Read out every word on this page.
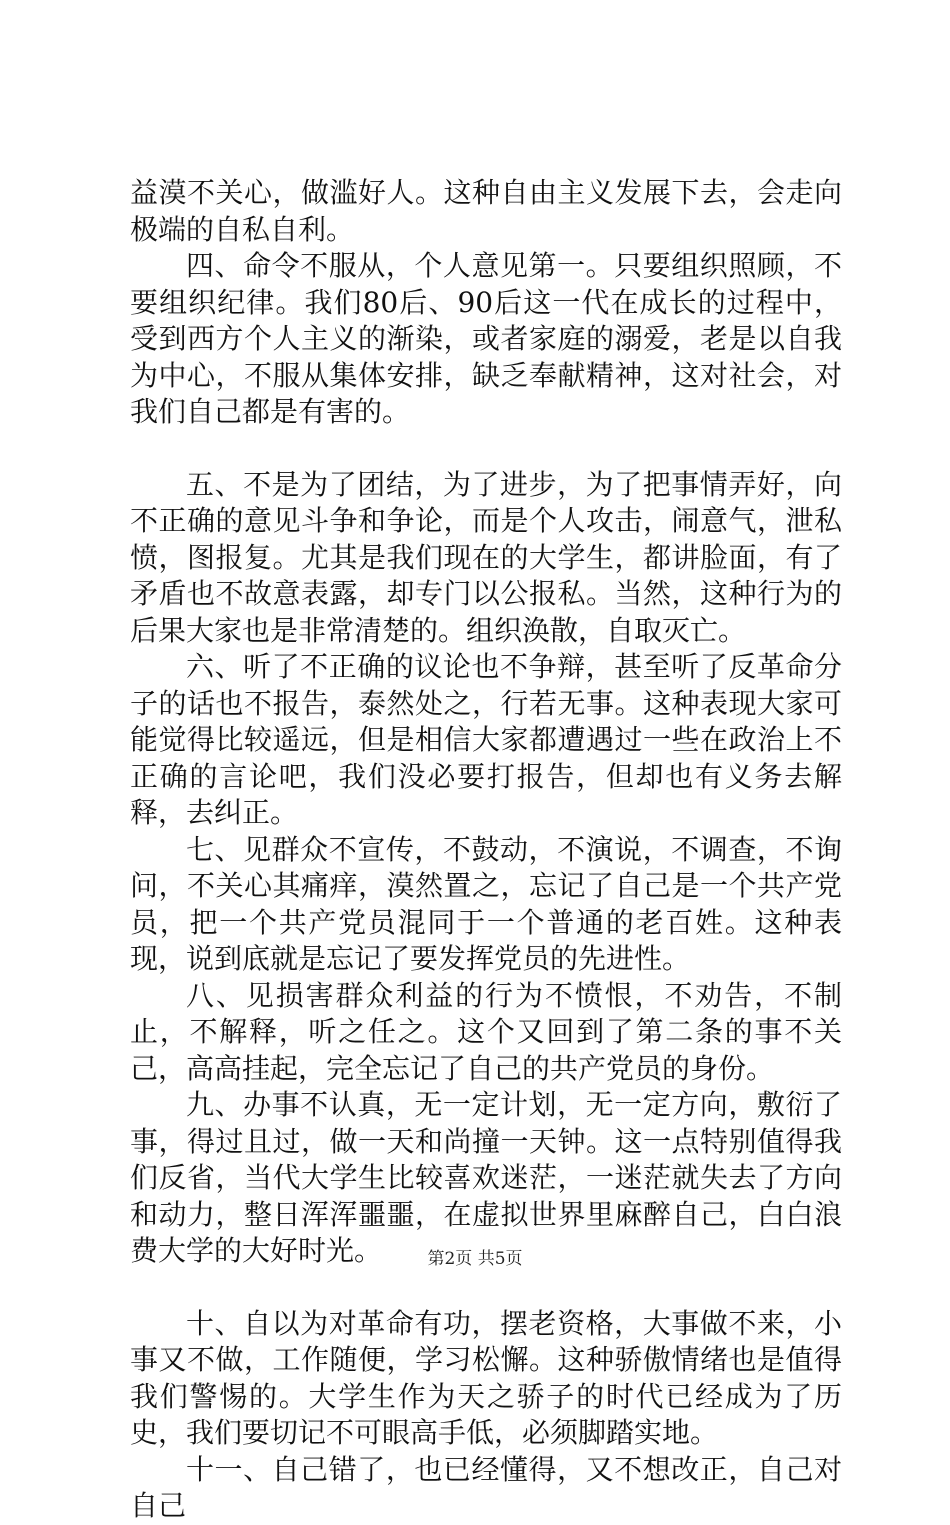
益漠不关心，做滥好人。这种自由主义发展下去，会走向极端的自私自利。

四、命令不服从，个人意见第一。只要组织照顾，不要组织纪律。我们80后、90后这一代在成长的过程中，受到西方个人主义的渐染，或者家庭的溺爱，老是以自我为中心，不服从集体安排，缺乏奉献精神，这对社会，对我们自己都是有害的。

五、不是为了团结，为了进步，为了把事情弄好，向不正确的意见斗争和争论，而是个人攻击，闹意气，泄私愤，图报复。尤其是我们现在的大学生，都讲脸面，有了矛盾也不故意表露，却专门以公报私。当然，这种行为的后果大家也是非常清楚的。组织涣散，自取灭亡。

六、听了不正确的议论也不争辩，甚至听了反革命分子的话也不报告，泰然处之，行若无事。这种表现大家可能觉得比较遥远，但是相信大家都遭遇过一些在政治上不正确的言论吧，我们没必要打报告，但却也有义务去解释，去纠正。

七、见群众不宣传，不鼓动，不演说，不调查，不询问，不关心其痛痒，漠然置之，忘记了自己是一个共产党员，把一个共产党员混同于一个普通的老百姓。这种表现，说到底就是忘记了要发挥党员的先进性。

八、见损害群众利益的行为不愤恨，不劝告，不制止，不解释，听之任之。这个又回到了第二条的事不关己，高高挂起，完全忘记了自己的共产党员的身份。

九、办事不认真，无一定计划，无一定方向，敷衍了事，得过且过，做一天和尚撞一天钟。这一点特别值得我们反省，当代大学生比较喜欢迷茫，一迷茫就失去了方向和动力，整日浑浑噩噩，在虚拟世界里麻醉自己，白白浪费大学的大好时光。

十、自以为对革命有功，摆老资格，大事做不来，小事又不做，工作随便，学习松懈。这种骄傲情绪也是值得我们警惕的。大学生作为天之骄子的时代已经成为了历史，我们要切记不可眼高手低，必须脚踏实地。

十一、自己错了，也已经懂得，又不想改正，自己对自己

第2页 共5页
